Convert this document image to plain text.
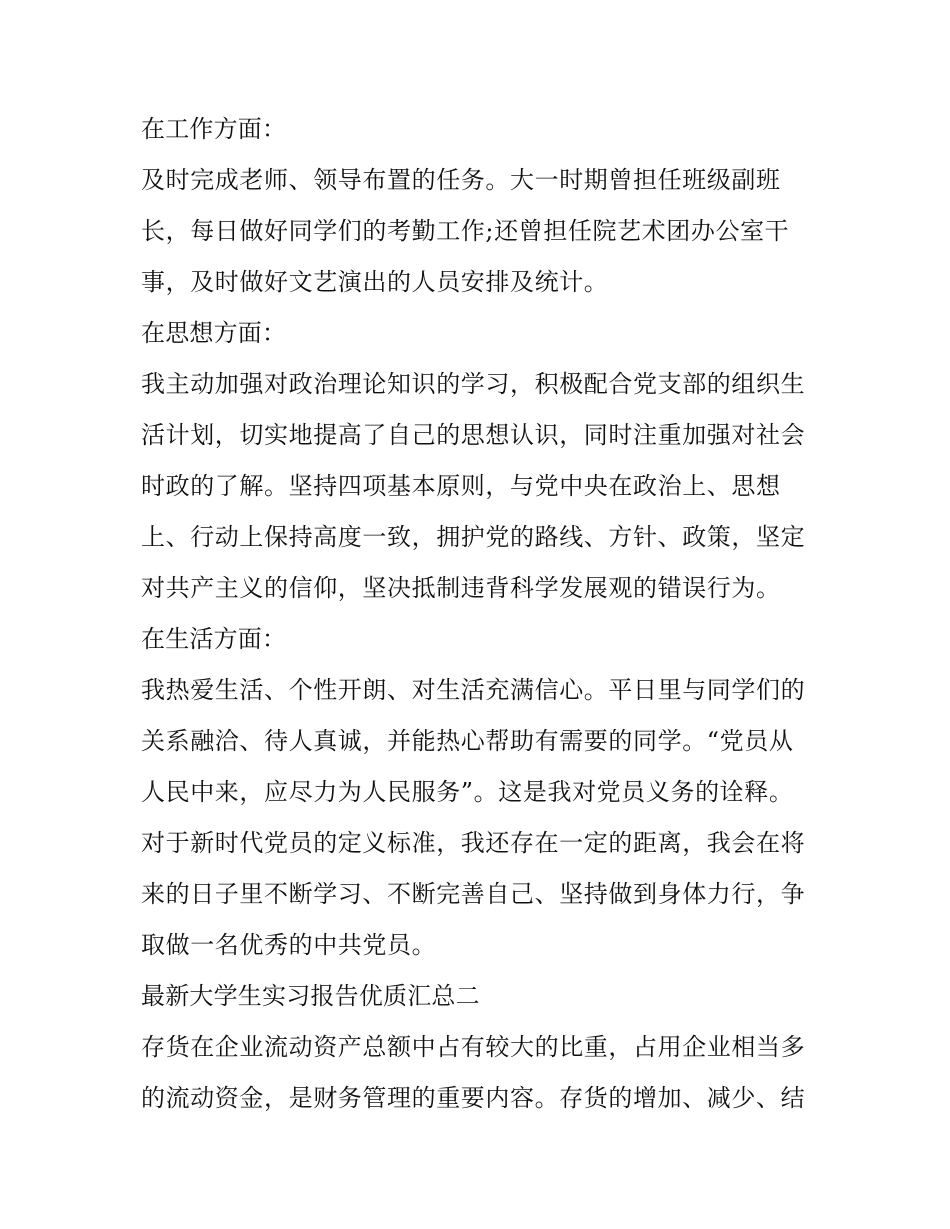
在工作方面：
及时完成老师、领导布置的任务。大一时期曾担任班级副班
长，每日做好同学们的考勤工作;还曾担任院艺术团办公室干
事，及时做好文艺演出的人员安排及统计。
在思想方面：
我主动加强对政治理论知识的学习，积极配合党支部的组织生
活计划，切实地提高了自己的思想认识，同时注重加强对社会
时政的了解。坚持四项基本原则，与党中央在政治上、思想
上、行动上保持高度一致，拥护党的路线、方针、政策，坚定
对共产主义的信仰，坚决抵制违背科学发展观的错误行为。
在生活方面：
我热爱生活、个性开朗、对生活充满信心。平日里与同学们的
关系融洽、待人真诚，并能热心帮助有需要的同学。“党员从
人民中来，应尽力为人民服务”。这是我对党员义务的诠释。
对于新时代党员的定义标准，我还存在一定的距离，我会在将
来的日子里不断学习、不断完善自己、坚持做到身体力行，争
取做一名优秀的中共党员。
最新大学生实习报告优质汇总二
存货在企业流动资产总额中占有较大的比重，占用企业相当多
的流动资金，是财务管理的重要内容。存货的增加、减少、结
